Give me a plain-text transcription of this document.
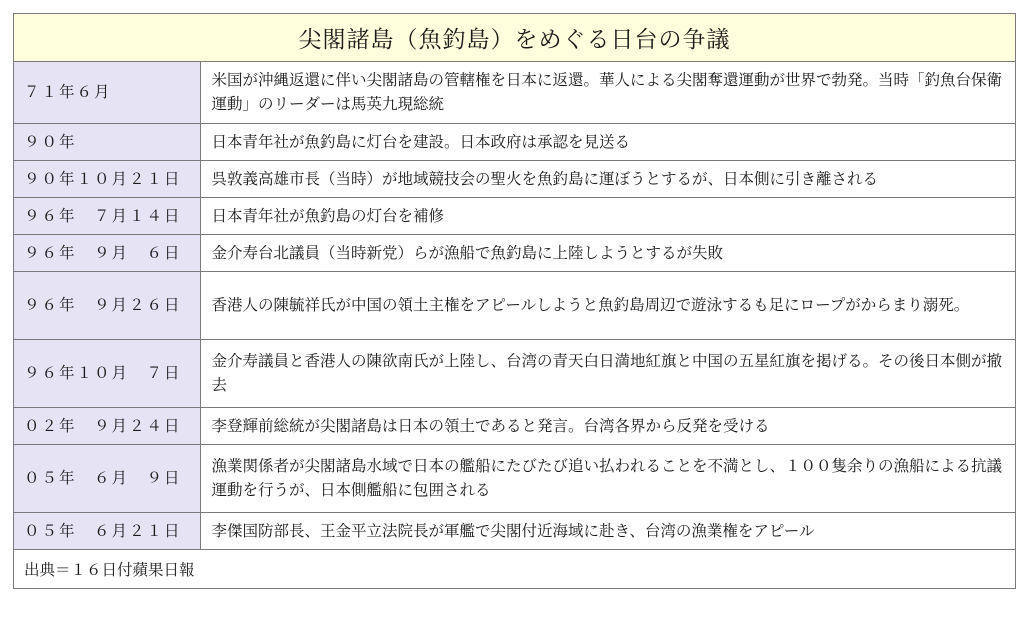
尖閣諸島（魚釣島）をめぐる日台の争議
７１年６月	米国が沖縄返還に伴い尖閣諸島の管轄権を日本に返還。華人による尖閣奪還運動が世界で勃発。当時「釣魚台保衛運動」のリーダーは馬英九現総統
９０年	日本青年社が魚釣島に灯台を建設。日本政府は承認を見送る
９０年１０月２１日	呉敦義高雄市長（当時）が地域競技会の聖火を魚釣島に運ぼうとするが、日本側に引き離される
９６年　７月１４日	日本青年社が魚釣島の灯台を補修
９６年　９月　６日	金介寿台北議員（当時新党）らが漁船で魚釣島に上陸しようとするが失敗
９６年　９月２６日	香港人の陳毓祥氏が中国の領土主権をアピールしようと魚釣島周辺で遊泳するも足にロープがからまり溺死。
９６年１０月　７日	金介寿議員と香港人の陳欲南氏が上陸し、台湾の青天白日満地紅旗と中国の五星紅旗を掲げる。その後日本側が撤去
０２年　９月２４日	李登輝前総統が尖閣諸島は日本の領土であると発言。台湾各界から反発を受ける
０５年　６月　９日	漁業関係者が尖閣諸島水域で日本の艦船にたびたび追い払われることを不満とし、１００隻余りの漁船による抗議運動を行うが、日本側艦船に包囲される
０５年　６月２１日	李傑国防部長、王金平立法院長が軍艦で尖閣付近海域に赴き、台湾の漁業権をアピール
出典＝１６日付蘋果日報
